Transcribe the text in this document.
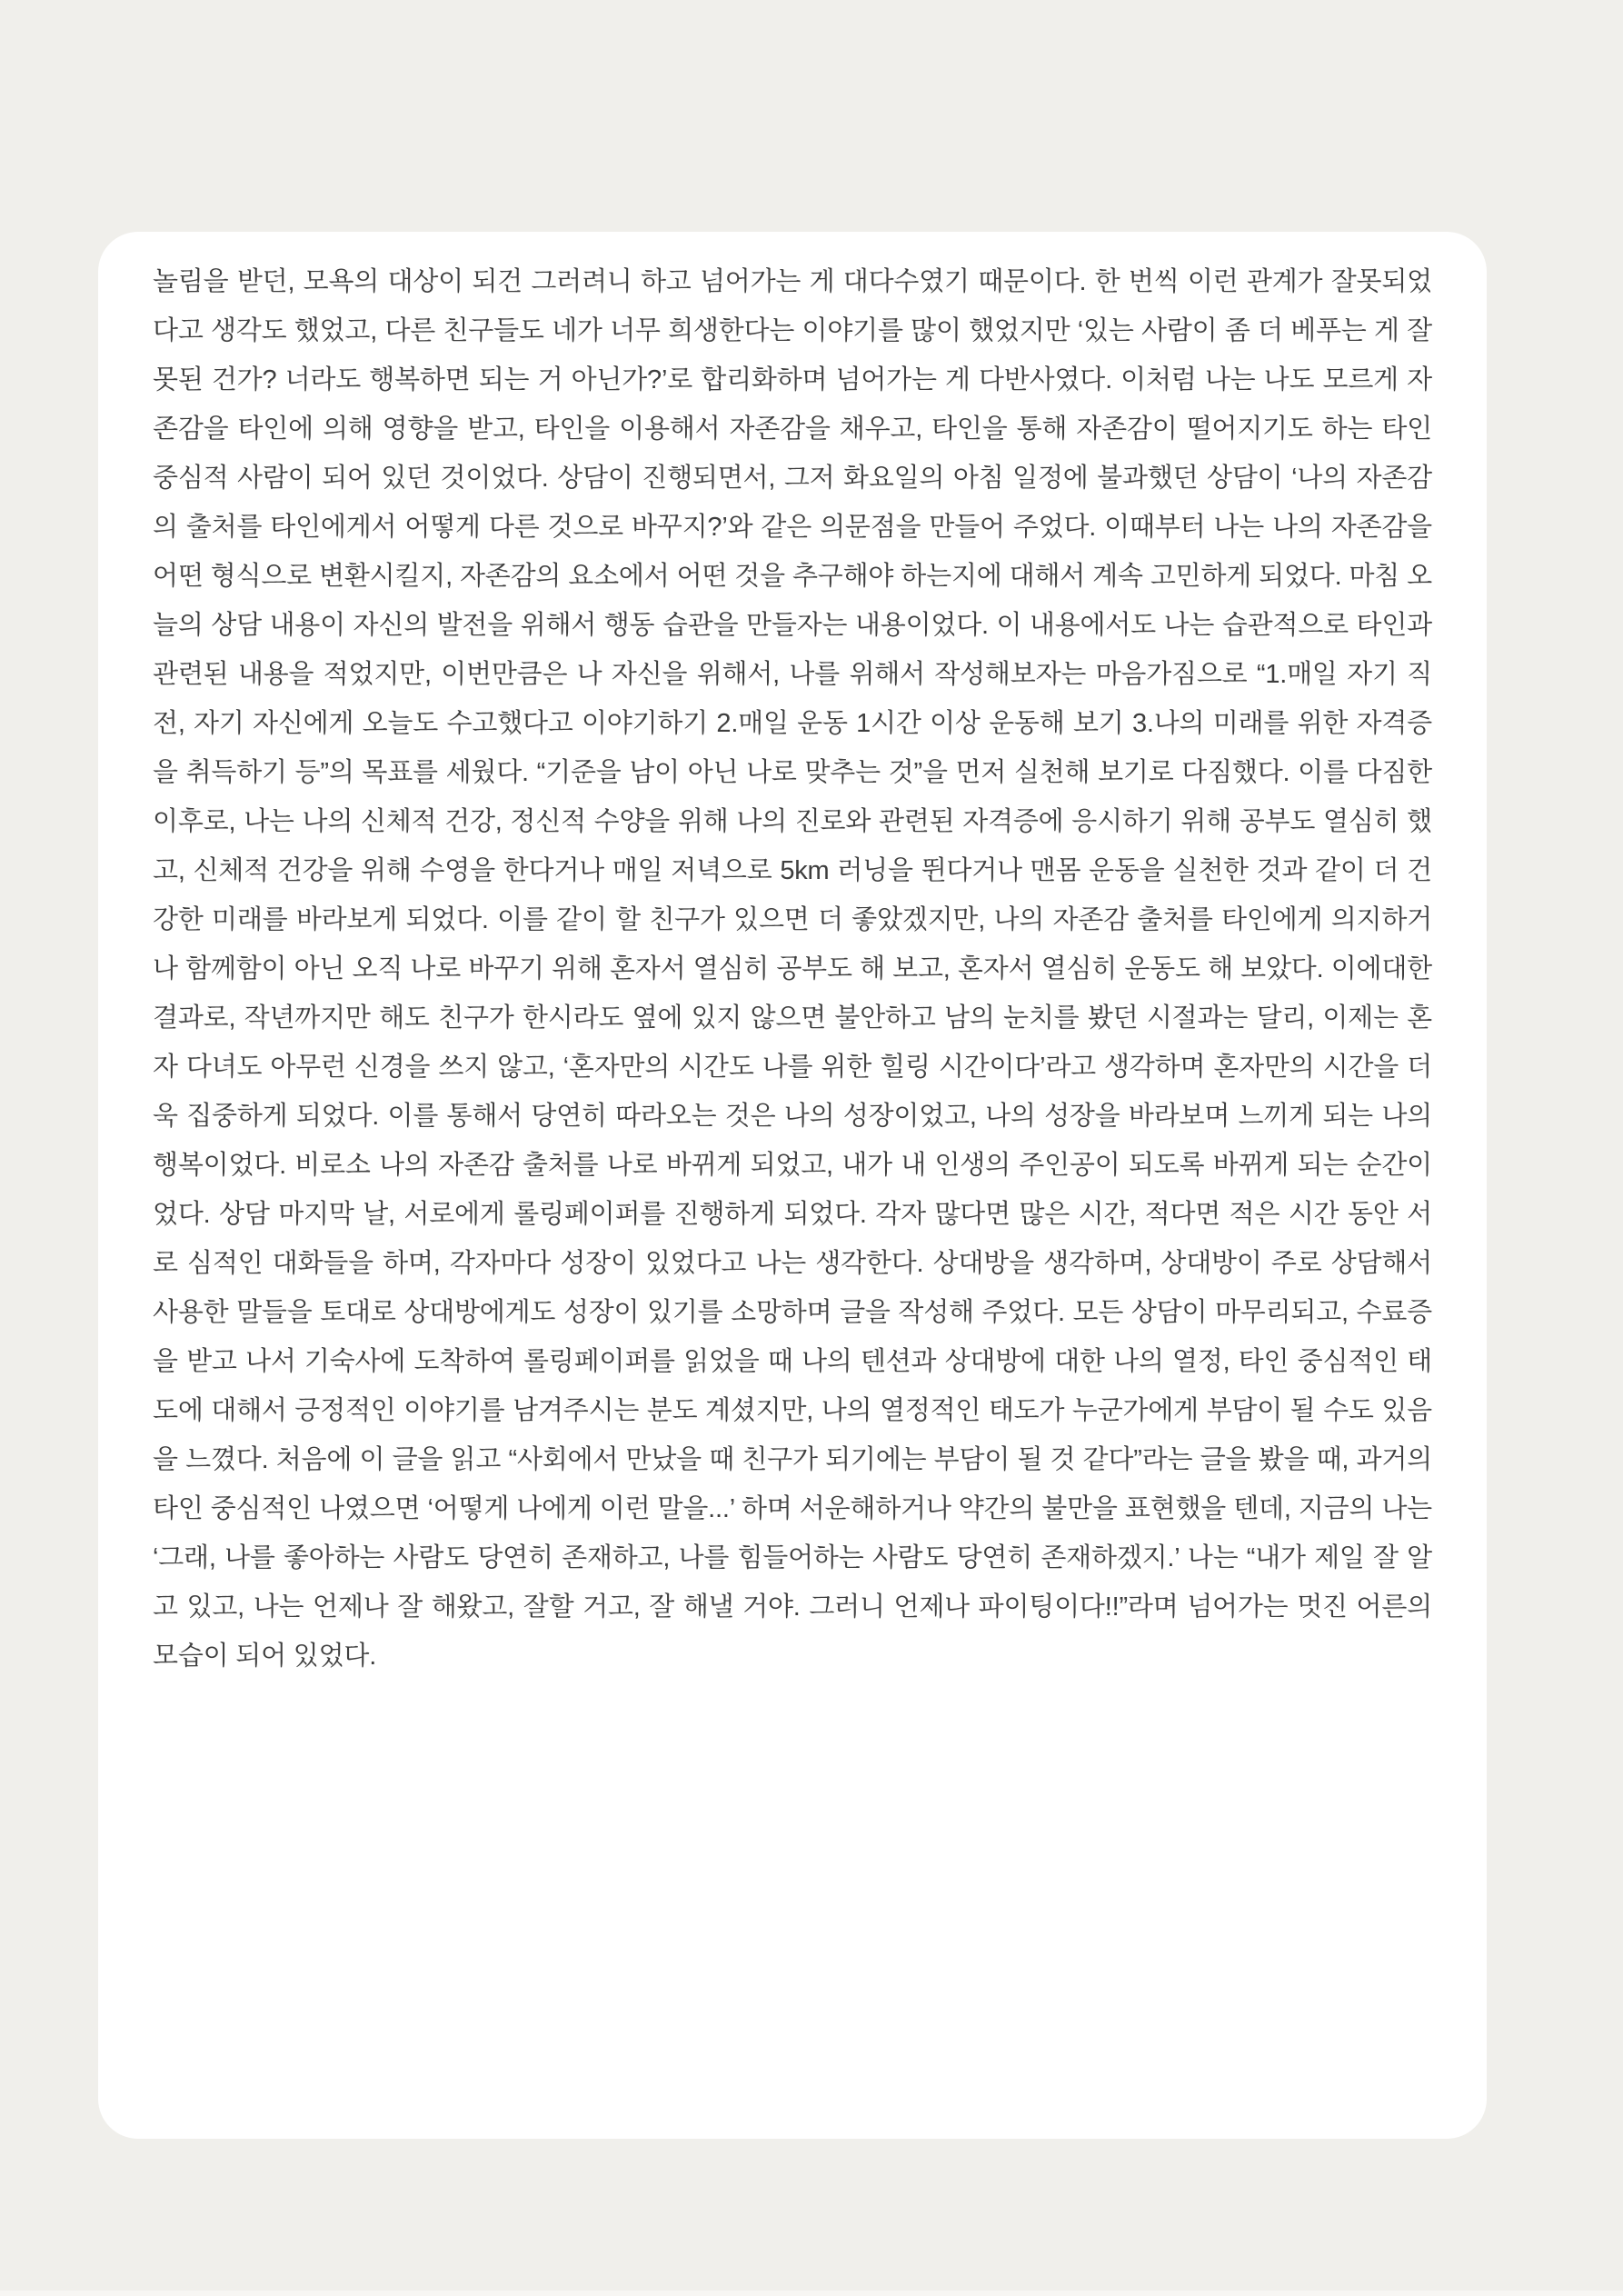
놀림을 받던, 모욕의 대상이 되건 그러려니 하고 넘어가는 게 대다수였기 때문이다. 한 번씩 이런 관계가 잘못되었다고 생각도 했었고, 다른 친구들도 네가 너무 희생한다는 이야기를 많이 했었지만 ‘있는 사람이 좀 더 베푸는 게 잘못된 건가? 너라도 행복하면 되는 거 아닌가?’로 합리화하며 넘어가는 게 다반사였다. 이처럼 나는 나도 모르게 자존감을 타인에 의해 영향을 받고, 타인을 이용해서 자존감을 채우고, 타인을 통해 자존감이 떨어지기도 하는 타인 중심적 사람이 되어 있던 것이었다. 상담이 진행되면서, 그저 화요일의 아침 일정에 불과했던 상담이 ‘나의 자존감의 출처를 타인에게서 어떻게 다른 것으로 바꾸지?’와 같은 의문점을 만들어 주었다. 이때부터 나는 나의 자존감을 어떤 형식으로 변환시킬지, 자존감의 요소에서 어떤 것을 추구해야 하는지에 대해서 계속 고민하게 되었다. 마침 오늘의 상담 내용이 자신의 발전을 위해서 행동 습관을 만들자는 내용이었다. 이 내용에서도 나는 습관적으로 타인과 관련된 내용을 적었지만, 이번만큼은 나 자신을 위해서, 나를 위해서 작성해보자는 마음가짐으로 “1.매일 자기 직전, 자기 자신에게 오늘도 수고했다고 이야기하기 2.매일 운동 1시간 이상 운동해 보기 3.나의 미래를 위한 자격증을 취득하기 등”의 목표를 세웠다. “기준을 남이 아닌 나로 맞추는 것”을 먼저 실천해 보기로 다짐했다. 이를 다짐한 이후로, 나는 나의 신체적 건강, 정신적 수양을 위해 나의 진로와 관련된 자격증에 응시하기 위해 공부도 열심히 했고, 신체적 건강을 위해 수영을 한다거나 매일 저녁으로 5km 러닝을 뛴다거나 맨몸 운동을 실천한 것과 같이 더 건강한 미래를 바라보게 되었다. 이를 같이 할 친구가 있으면 더 좋았겠지만, 나의 자존감 출처를 타인에게 의지하거나 함께함이 아닌 오직 나로 바꾸기 위해 혼자서 열심히 공부도 해 보고, 혼자서 열심히 운동도 해 보았다. 이에대한 결과로, 작년까지만 해도 친구가 한시라도 옆에 있지 않으면 불안하고 남의 눈치를 봤던 시절과는 달리, 이제는 혼자 다녀도 아무런 신경을 쓰지 않고, ‘혼자만의 시간도 나를 위한 힐링 시간이다’라고 생각하며 혼자만의 시간을 더욱 집중하게 되었다. 이를 통해서 당연히 따라오는 것은 나의 성장이었고, 나의 성장을 바라보며 느끼게 되는 나의 행복이었다. 비로소 나의 자존감 출처를 나로 바뀌게 되었고, 내가 내 인생의 주인공이 되도록 바뀌게 되는 순간이었다. 상담 마지막 날, 서로에게 롤링페이퍼를 진행하게 되었다. 각자 많다면 많은 시간, 적다면 적은 시간 동안 서로 심적인 대화들을 하며, 각자마다 성장이 있었다고 나는 생각한다. 상대방을 생각하며, 상대방이 주로 상담해서 사용한 말들을 토대로 상대방에게도 성장이 있기를 소망하며 글을 작성해 주었다. 모든 상담이 마무리되고, 수료증을 받고 나서 기숙사에 도착하여 롤링페이퍼를 읽었을 때 나의 텐션과 상대방에 대한 나의 열정, 타인 중심적인 태도에 대해서 긍정적인 이야기를 남겨주시는 분도 계셨지만, 나의 열정적인 태도가 누군가에게 부담이 될 수도 있음을 느꼈다. 처음에 이 글을 읽고 “사회에서 만났을 때 친구가 되기에는 부담이 될 것 같다”라는 글을 봤을 때, 과거의 타인 중심적인 나였으면 ‘어떻게 나에게 이런 말을...’ 하며 서운해하거나 약간의 불만을 표현했을 텐데, 지금의 나는 ‘그래, 나를 좋아하는 사람도 당연히 존재하고, 나를 힘들어하는 사람도 당연히 존재하겠지.’ 나는 “내가 제일 잘 알고 있고, 나는 언제나 잘 해왔고, 잘할 거고, 잘 해낼 거야. 그러니 언제나 파이팅이다!!”라며 넘어가는 멋진 어른의 모습이 되어 있었다.
